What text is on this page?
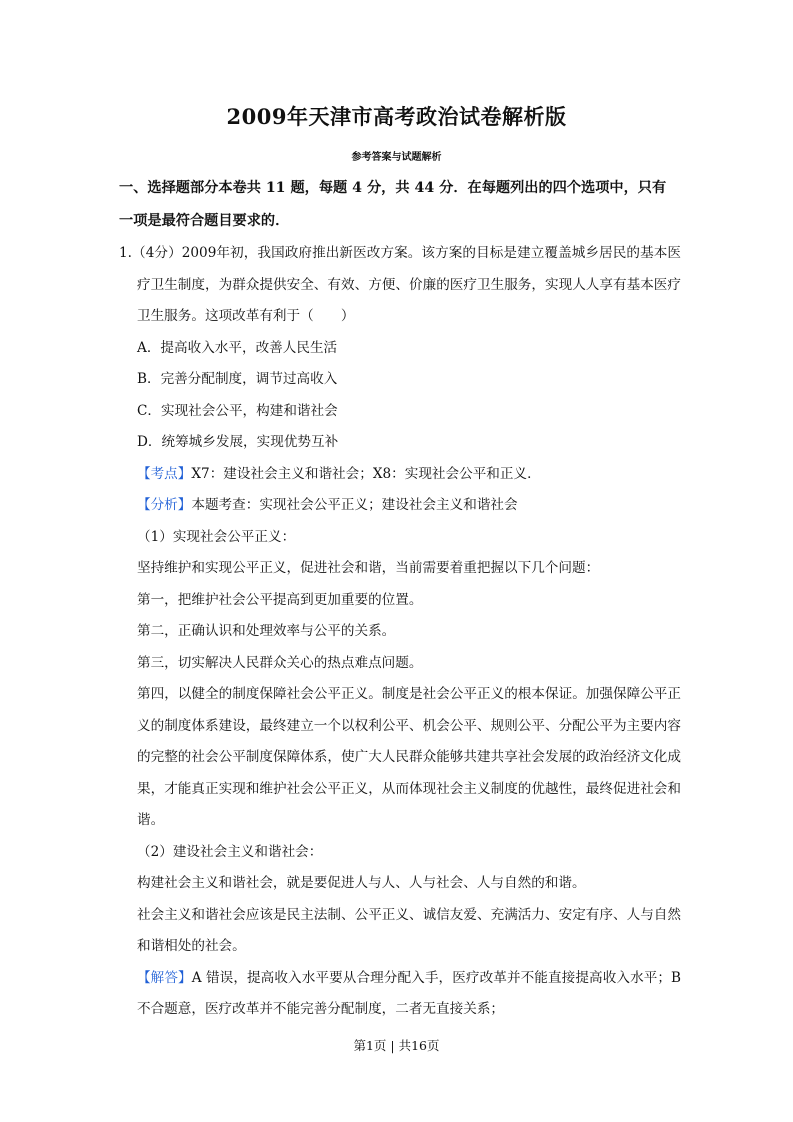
2009年天津市高考政治试卷解析版
参考答案与试题解析
一、选择题部分本卷共 11 题，每题 4 分，共 44 分．在每题列出的四个选项中，只有一项是最符合题目要求的．
1.（4分）2009年初，我国政府推出新医改方案。该方案的目标是建立覆盖城乡居民的基本医疗卫生制度，为群众提供安全、有效、方便、价廉的医疗卫生服务，实现人人享有基本医疗卫生服务。这项改革有利于（　　）
A．提高收入水平，改善人民生活
B．完善分配制度，调节过高收入
C．实现社会公平，构建和谐社会
D．统筹城乡发展，实现优势互补
【考点】X7：建设社会主义和谐社会；X8：实现社会公平和正义．
【分析】本题考查：实现社会公平正义；建设社会主义和谐社会
（1）实现社会公平正义：
坚持维护和实现公平正义，促进社会和谐，当前需要着重把握以下几个问题：
第一，把维护社会公平提高到更加重要的位置。
第二，正确认识和处理效率与公平的关系。
第三，切实解决人民群众关心的热点难点问题。
第四，以健全的制度保障社会公平正义。制度是社会公平正义的根本保证。加强保障公平正义的制度体系建设，最终建立一个以权利公平、机会公平、规则公平、分配公平为主要内容的完整的社会公平制度保障体系，使广大人民群众能够共建共享社会发展的政治经济文化成果，才能真正实现和维护社会公平正义，从而体现社会主义制度的优越性，最终促进社会和谐。
（2）建设社会主义和谐社会：
构建社会主义和谐社会，就是要促进人与人、人与社会、人与自然的和谐。
社会主义和谐社会应该是民主法制、公平正义、诚信友爱、充满活力、安定有序、人与自然和谐相处的社会。
【解答】A 错误，提高收入水平要从合理分配入手，医疗改革并不能直接提高收入水平；B 不合题意，医疗改革并不能完善分配制度，二者无直接关系；
第1页 | 共16页
